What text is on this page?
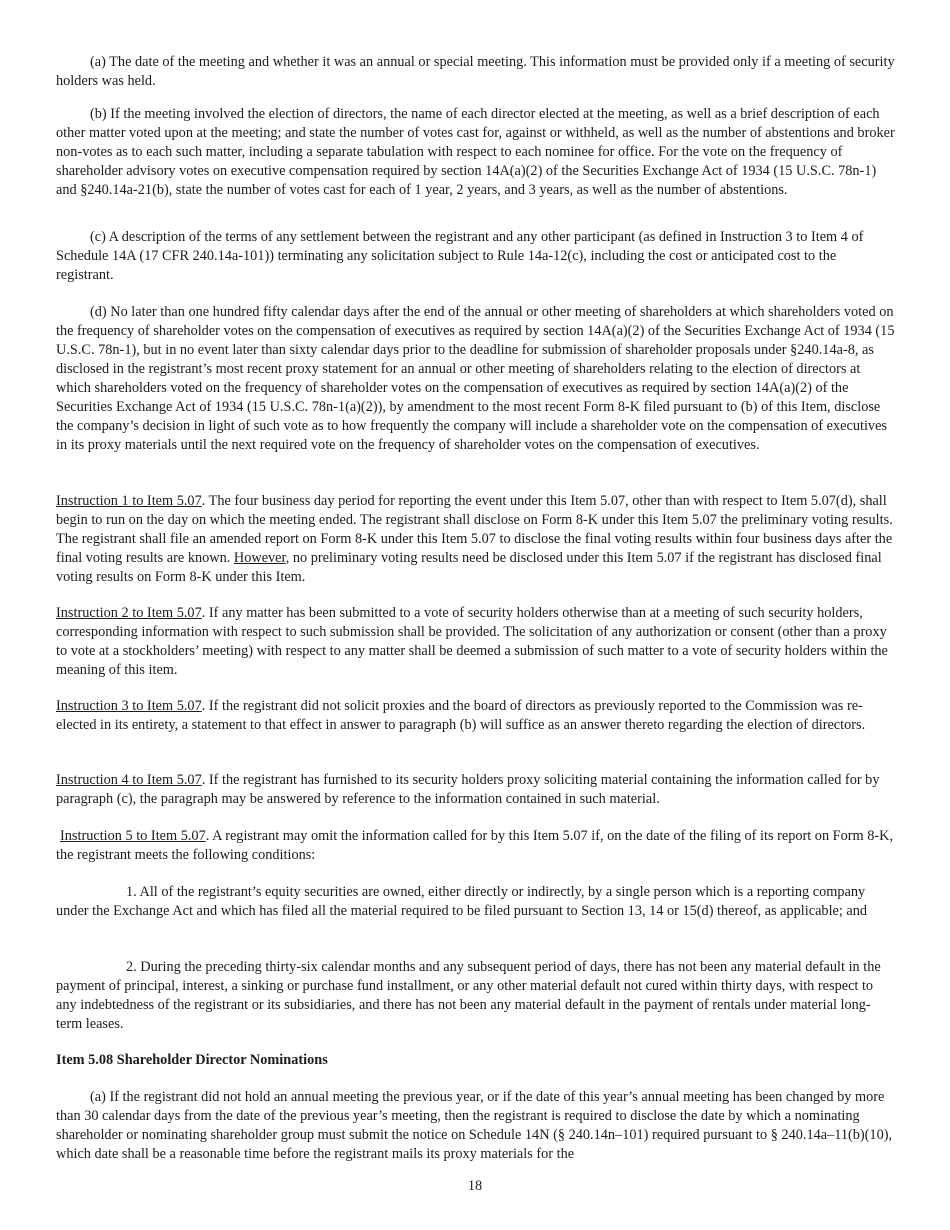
(a) The date of the meeting and whether it was an annual or special meeting. This information must be provided only if a meeting of security holders was held.

(b) If the meeting involved the election of directors, the name of each director elected at the meeting, as well as a brief description of each other matter voted upon at the meeting; and state the number of votes cast for, against or withheld, as well as the number of abstentions and broker non-votes as to each such matter, including a separate tabulation with respect to each nominee for office. For the vote on the frequency of shareholder advisory votes on executive compensation required by section 14A(a)(2) of the Securities Exchange Act of 1934 (15 U.S.C. 78n-1) and §240.14a-21(b), state the number of votes cast for each of 1 year, 2 years, and 3 years, as well as the number of abstentions.

(c) A description of the terms of any settlement between the registrant and any other participant (as defined in Instruction 3 to Item 4 of Schedule 14A (17 CFR 240.14a-101)) terminating any solicitation subject to Rule 14a-12(c), including the cost or anticipated cost to the registrant.

(d) No later than one hundred fifty calendar days after the end of the annual or other meeting of shareholders at which shareholders voted on the frequency of shareholder votes on the compensation of executives as required by section 14A(a)(2) of the Securities Exchange Act of 1934 (15 U.S.C. 78n-1), but in no event later than sixty calendar days prior to the deadline for submission of shareholder proposals under §240.14a-8, as disclosed in the registrant’s most recent proxy statement for an annual or other meeting of shareholders relating to the election of directors at which shareholders voted on the frequency of shareholder votes on the compensation of executives as required by section 14A(a)(2) of the Securities Exchange Act of 1934 (15 U.S.C. 78n-1(a)(2)), by amendment to the most recent Form 8-K filed pursuant to (b) of this Item, disclose the company’s decision in light of such vote as to how frequently the company will include a shareholder vote on the compensation of executives in its proxy materials until the next required vote on the frequency of shareholder votes on the compensation of executives.

Instruction 1 to Item 5.07. The four business day period for reporting the event under this Item 5.07, other than with respect to Item 5.07(d), shall begin to run on the day on which the meeting ended. The registrant shall disclose on Form 8-K under this Item 5.07 the preliminary voting results. The registrant shall file an amended report on Form 8-K under this Item 5.07 to disclose the final voting results within four business days after the final voting results are known. However, no preliminary voting results need be disclosed under this Item 5.07 if the registrant has disclosed final voting results on Form 8-K under this Item.

Instruction 2 to Item 5.07. If any matter has been submitted to a vote of security holders otherwise than at a meeting of such security holders, corresponding information with respect to such submission shall be provided. The solicitation of any authorization or consent (other than a proxy to vote at a stockholders’ meeting) with respect to any matter shall be deemed a submission of such matter to a vote of security holders within the meaning of this item.

Instruction 3 to Item 5.07. If the registrant did not solicit proxies and the board of directors as previously reported to the Commission was re-elected in its entirety, a statement to that effect in answer to paragraph (b) will suffice as an answer thereto regarding the election of directors.

Instruction 4 to Item 5.07. If the registrant has furnished to its security holders proxy soliciting material containing the information called for by paragraph (c), the paragraph may be answered by reference to the information contained in such material.

Instruction 5 to Item 5.07. A registrant may omit the information called for by this Item 5.07 if, on the date of the filing of its report on Form 8-K, the registrant meets the following conditions:

1. All of the registrant’s equity securities are owned, either directly or indirectly, by a single person which is a reporting company under the Exchange Act and which has filed all the material required to be filed pursuant to Section 13, 14 or 15(d) thereof, as applicable; and

2. During the preceding thirty-six calendar months and any subsequent period of days, there has not been any material default in the payment of principal, interest, a sinking or purchase fund installment, or any other material default not cured within thirty days, with respect to any indebtedness of the registrant or its subsidiaries, and there has not been any material default in the payment of rentals under material long-term leases.

Item 5.08 Shareholder Director Nominations

(a) If the registrant did not hold an annual meeting the previous year, or if the date of this year’s annual meeting has been changed by more than 30 calendar days from the date of the previous year’s meeting, then the registrant is required to disclose the date by which a nominating shareholder or nominating shareholder group must submit the notice on Schedule 14N (§ 240.14n–101) required pursuant to § 240.14a–11(b)(10), which date shall be a reasonable time before the registrant mails its proxy materials for the

18
